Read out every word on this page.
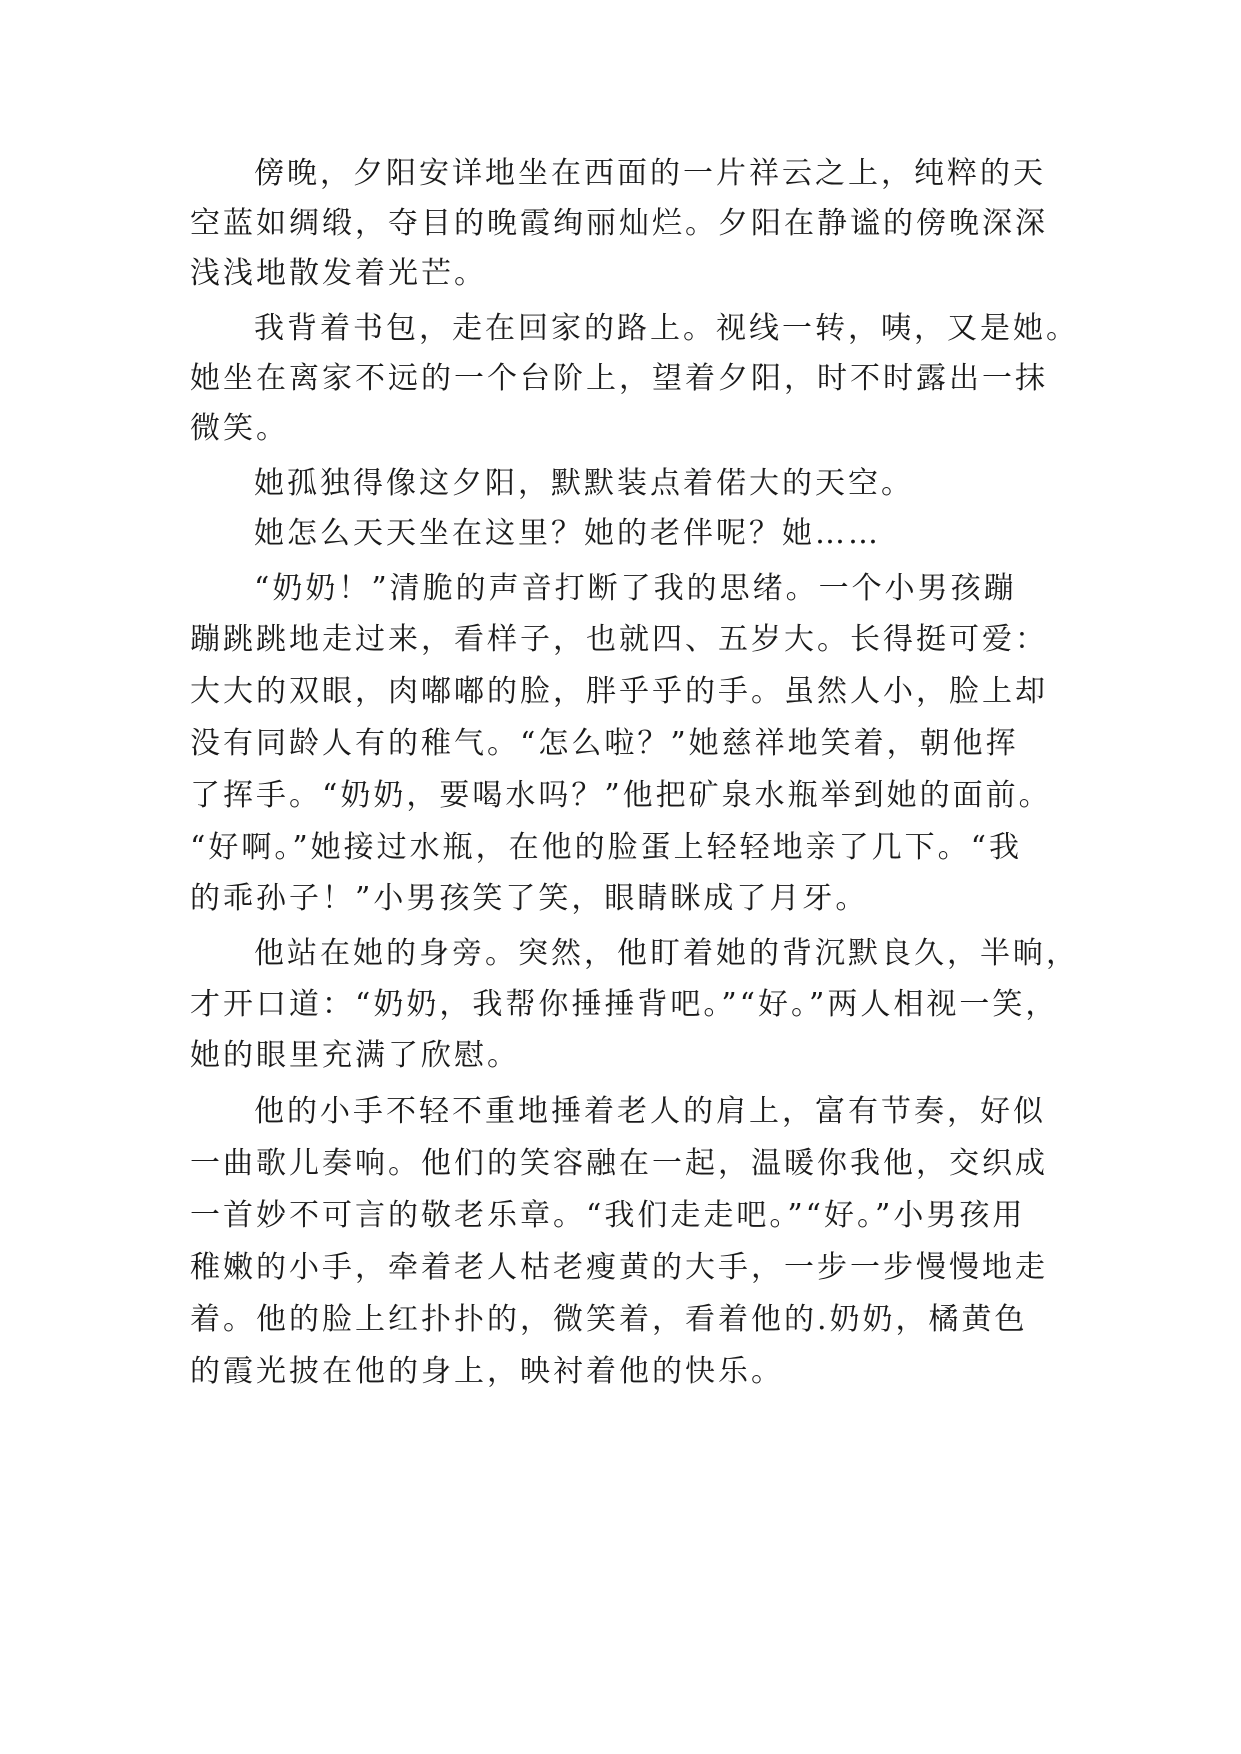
傍晚，夕阳安详地坐在西面的一片祥云之上，纯粹的天
空蓝如绸缎，夺目的晚霞绚丽灿烂。夕阳在静谧的傍晚深深
浅浅地散发着光芒。
我背着书包，走在回家的路上。视线一转，咦，又是她。
她坐在离家不远的一个台阶上，望着夕阳，时不时露出一抹
微笑。
她孤独得像这夕阳，默默装点着偌大的天空。
她怎么天天坐在这里？她的老伴呢？她……
“奶奶！”清脆的声音打断了我的思绪。一个小男孩蹦
蹦跳跳地走过来，看样子，也就四、五岁大。长得挺可爱：
大大的双眼，肉嘟嘟的脸，胖乎乎的手。虽然人小，脸上却
没有同龄人有的稚气。“怎么啦？”她慈祥地笑着，朝他挥
了挥手。“奶奶，要喝水吗？”他把矿泉水瓶举到她的面前。
“好啊。”她接过水瓶，在他的脸蛋上轻轻地亲了几下。“我
的乖孙子！”小男孩笑了笑，眼睛眯成了月牙。
他站在她的身旁。突然，他盯着她的背沉默良久，半晌，
才开口道：“奶奶，我帮你捶捶背吧。”“好。”两人相视一笑，
她的眼里充满了欣慰。
他的小手不轻不重地捶着老人的肩上，富有节奏，好似
一曲歌儿奏响。他们的笑容融在一起，温暖你我他，交织成
一首妙不可言的敬老乐章。“我们走走吧。”“好。”小男孩用
稚嫩的小手，牵着老人枯老瘦黄的大手，一步一步慢慢地走
着。他的脸上红扑扑的，微笑着，看着他的.奶奶，橘黄色
的霞光披在他的身上，映衬着他的快乐。
